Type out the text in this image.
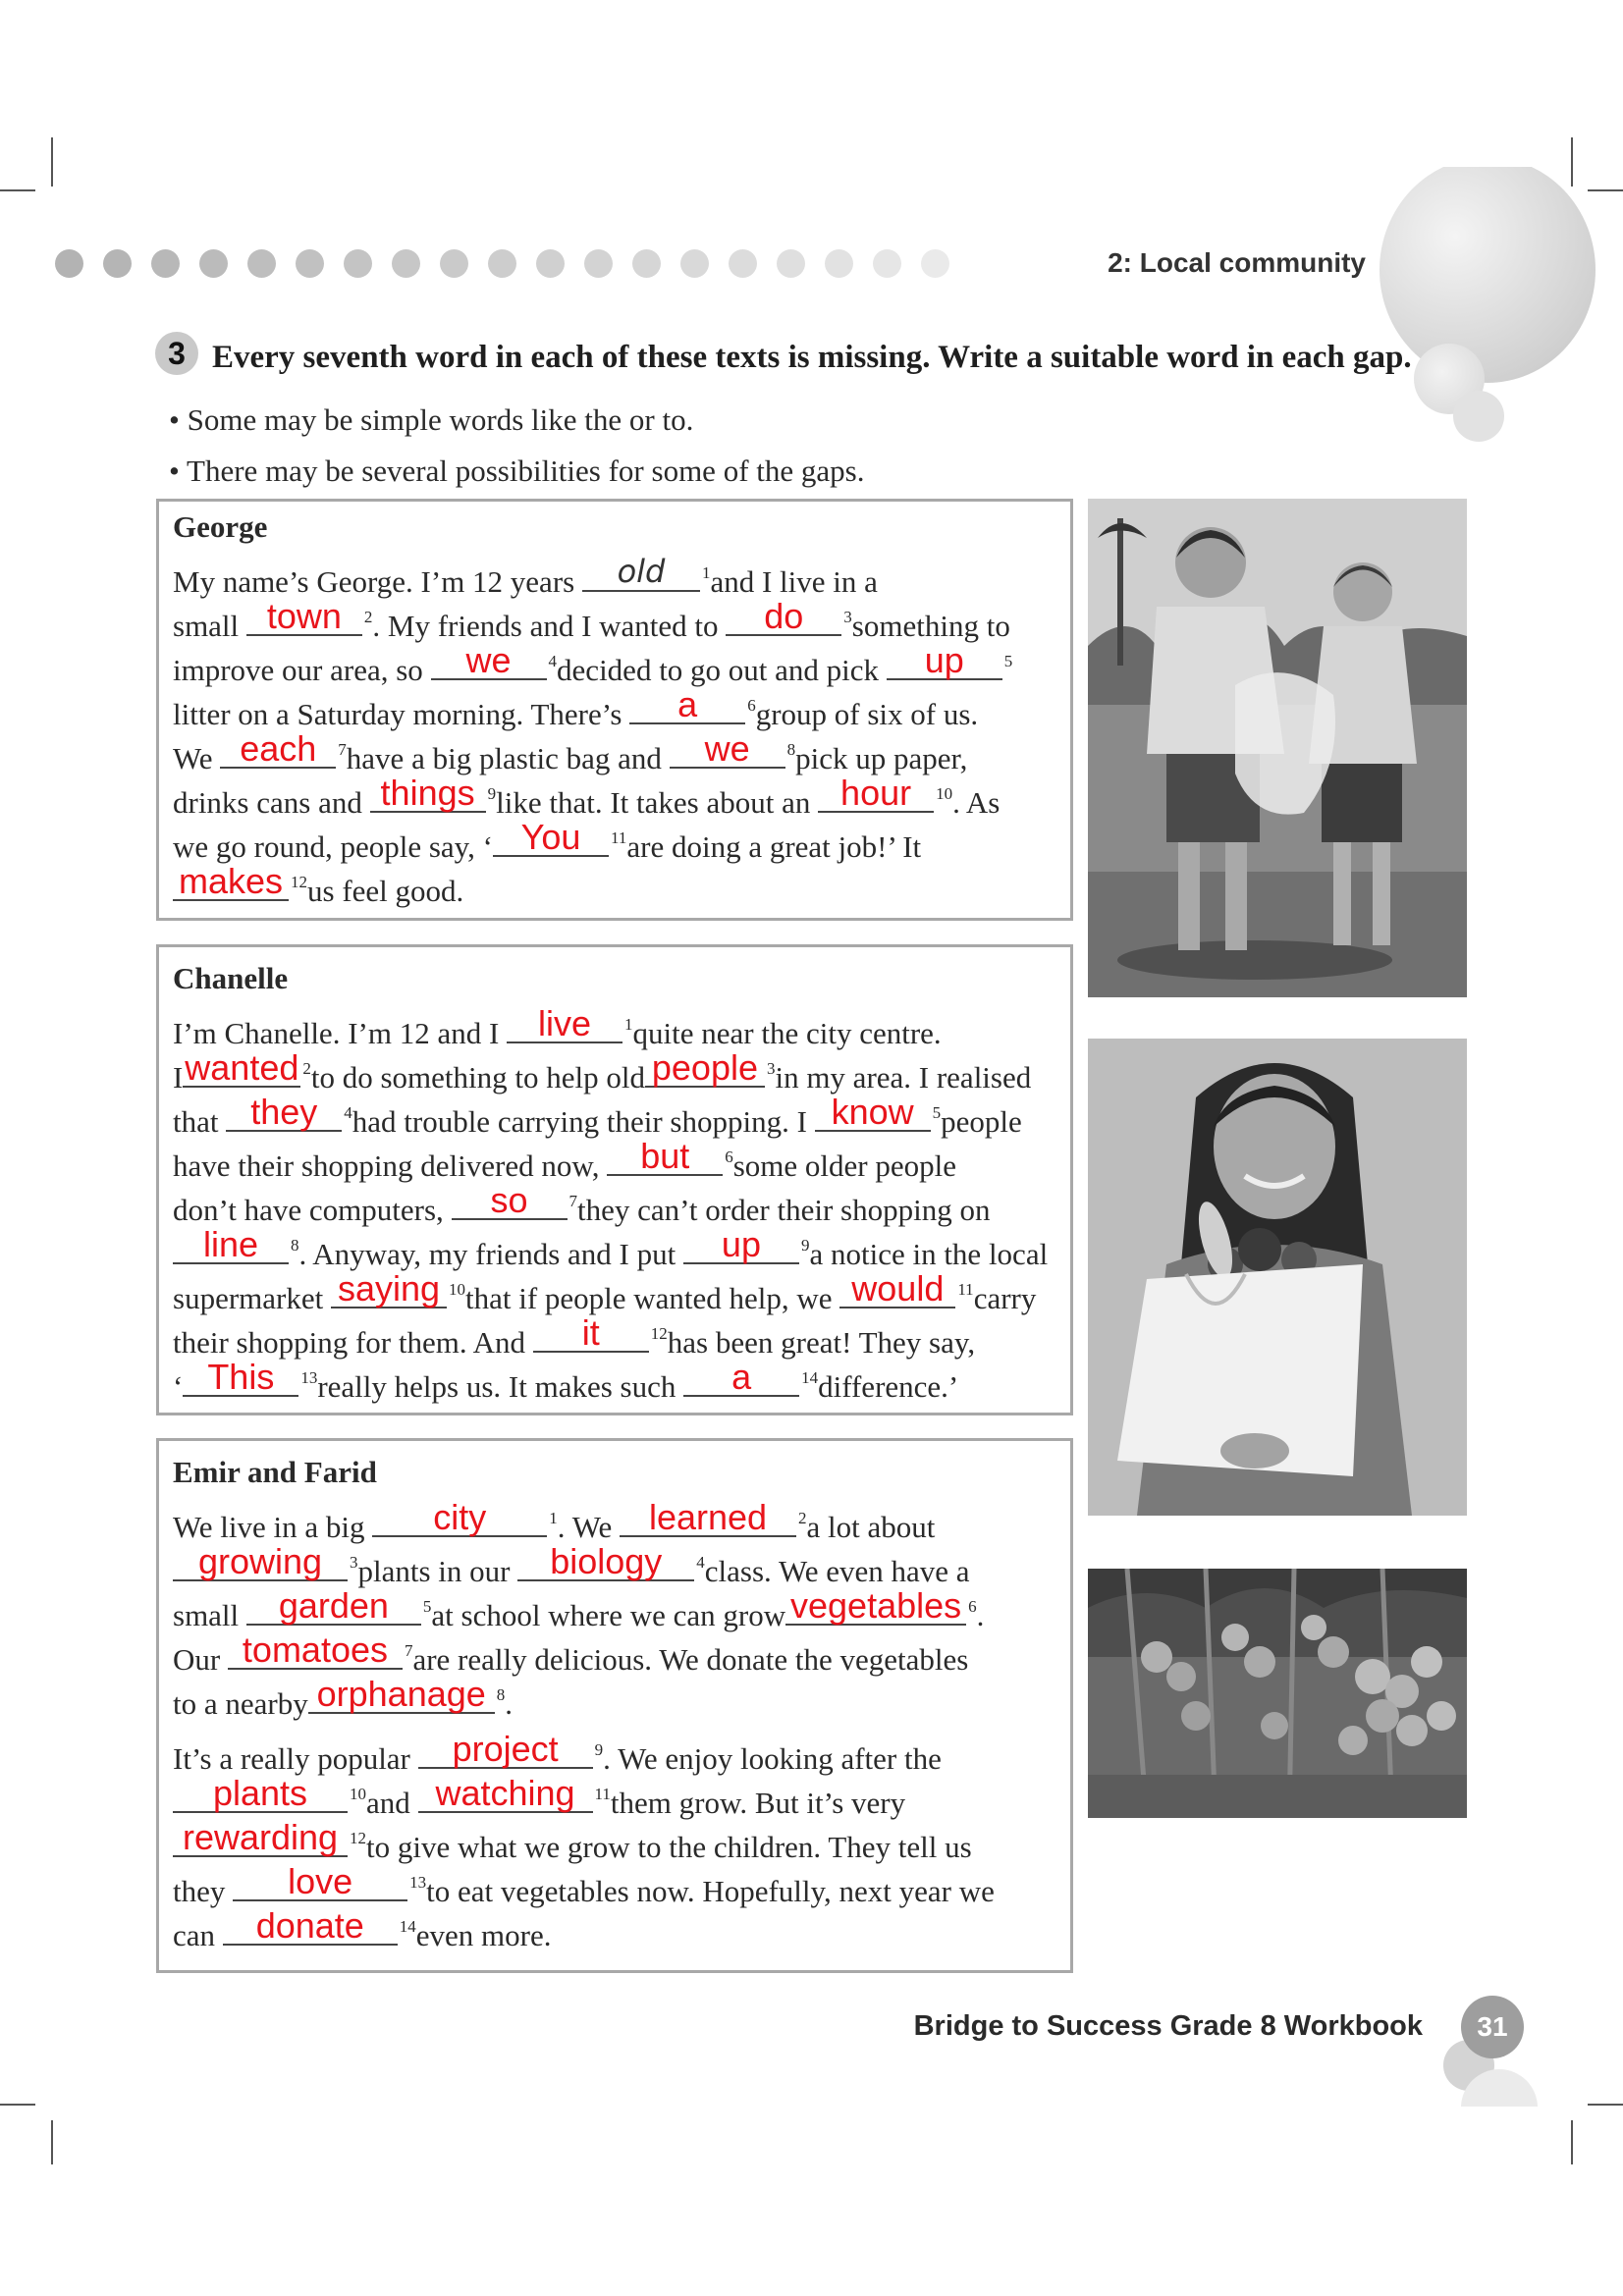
2: Local community
3 Every seventh word in each of these texts is missing. Write a suitable word in each gap.
• Some may be simple words like the or to.
• There may be several possibilities for some of the gaps.
George
My name’s George. I’m 12 years	old	$^1$and I live in a
small town	$^2$. My friends and I wanted to	do	$^3$something to
improve our area, so we	$^4$decided to go out and pick	up	$^5$
litter on a Saturday morning. There’s	a	$^6$group of six of us.
We each	$^7$have a big plastic bag and we	$^8$pick up paper,
drinks cans and things $^9$like that. It takes about an hour	$^{10}$. As
we go round, people say, ‘ You	$^{11}$are doing a great job!’ It
makes $^{12}$us feel good.
Chanelle
I’m Chanelle. I’m 12 and I live	$^1$quite near the city centre.
I wanted $^2$to do something to help old people $^3$in my area. I realised
that they	$^4$had trouble carrying their shopping. I know	$^5$people
have their shopping delivered now, but	$^6$some older people
don’t have computers,	so	$^7$they can’t order their shopping on
line	$^8$. Anyway, my friends and I put	up	$^9$a notice in the local
supermarket saying $^{10}$that if people wanted help, we would $^{11}$carry
their shopping for them. And	it	$^{12}$has been great! They say,
‘ This	$^{13}$really helps us. It makes such	a	$^{14}$difference.’
Emir and Farid
We live in a big	city	$^1$. We learned	$^2$a lot about
growing	$^3$plants in our biology	$^4$class. We even have a
small garden	$^5$at school where we can grow vegetables $^6$.
Our tomatoes $^7$are really delicious. We donate the vegetables
to a nearby orphanage $^8$.
It’s a really popular project	$^9$. We enjoy looking after the
plants	$^{10}$and watching	$^{11}$them grow. But it’s very
rewarding $^{12}$to give what we grow to the children. They tell us
they	love	$^{13}$to eat vegetables now. Hopefully, next year we
can donate	$^{14}$even more.
Bridge to Success Grade 8 Workbook	31
